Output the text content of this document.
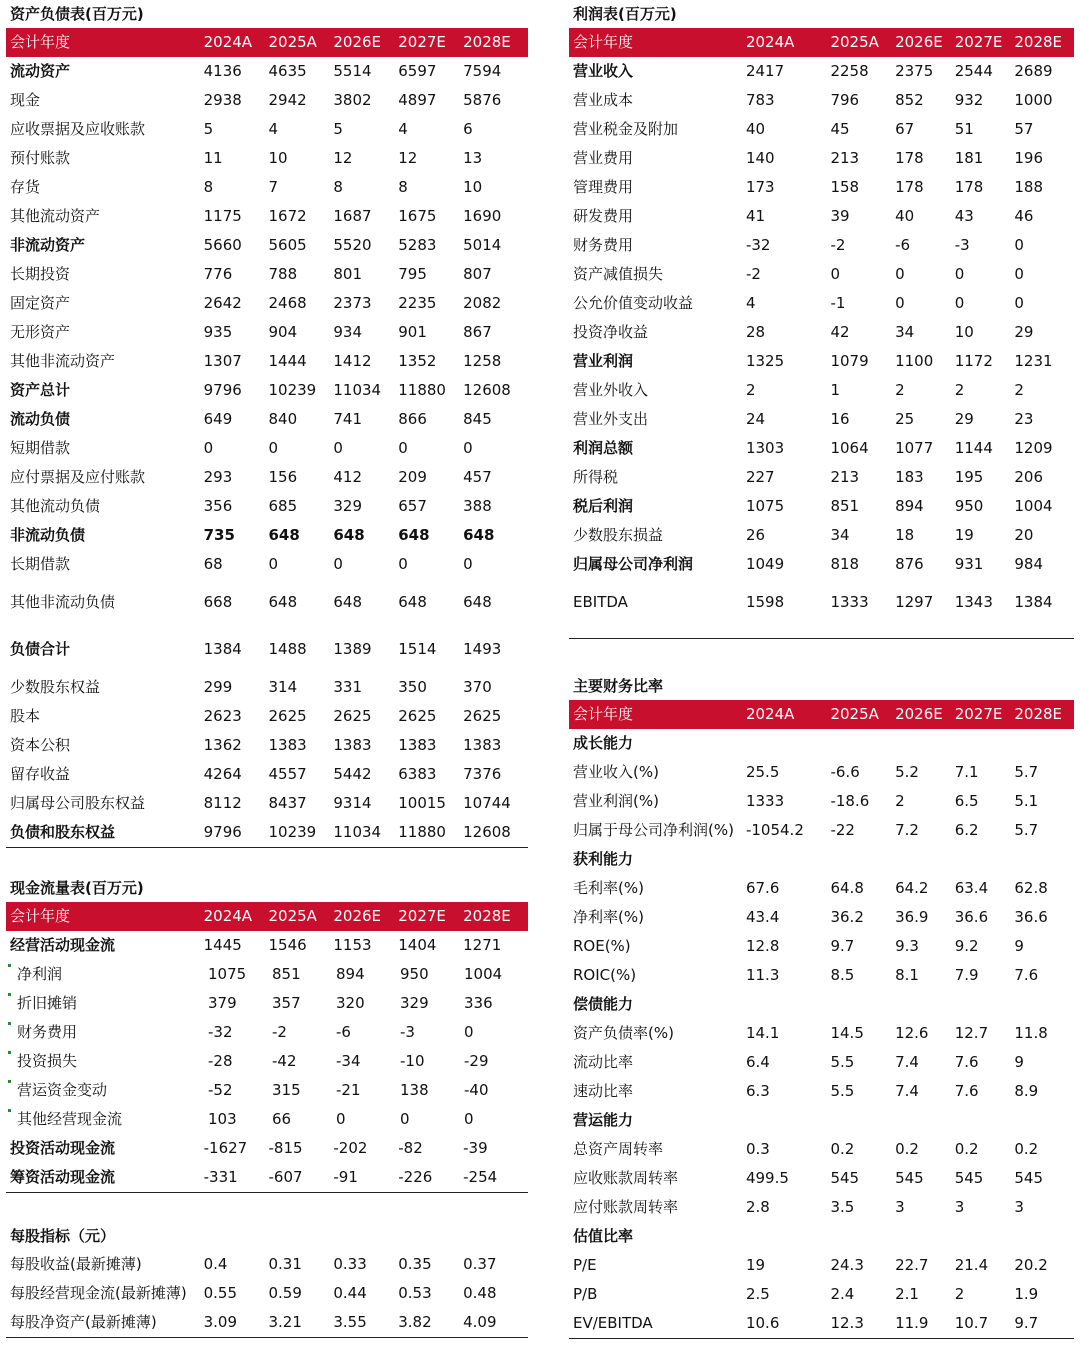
资产负债表(百万元)
会计年度	2024A	2025A	2026E	2027E	2028E
流动资产	4136	4635	5514	6597	7594
现金	2938	2942	3802	4897	5876
应收票据及应收账款	5	4	5	4	6
预付账款	11	10	12	12	13
存货	8	7	8	8	10
其他流动资产	1175	1672	1687	1675	1690
非流动资产	5660	5605	5520	5283	5014
长期投资	776	788	801	795	807
固定资产	2642	2468	2373	2235	2082
无形资产	935	904	934	901	867
其他非流动资产	1307	1444	1412	1352	1258
资产总计	9796	10239	11034	11880	12608
流动负债	649	840	741	866	845
短期借款	0	0	0	0	0
应付票据及应付账款	293	156	412	209	457
其他流动负债	356	685	329	657	388
非流动负债	735	648	648	648	648
长期借款	68	0	0	0	0
其他非流动负债	668	648	648	648	648
负债合计	1384	1488	1389	1514	1493
少数股东权益	299	314	331	350	370
股本	2623	2625	2625	2625	2625
资本公积	1362	1383	1383	1383	1383
留存收益	4264	4557	5442	6383	7376
归属母公司股东权益	8112	8437	9314	10015	10744
负债和股东权益	9796	10239	11034	11880	12608
利润表(百万元)
会计年度	2024A	2025A	2026E 2027E 2028E
营业收入	2417	2258	2375	2544	2689
营业成本	783	796	852	932	1000
营业税金及附加	40	45	67	51	57
营业费用	140	213	178	181	196
管理费用	173	158	178	178	188
研发费用	41	39	40	43	46
财务费用	-32	-2	-6	-3	0
资产减值损失	-2	0	0	0	0
公允价值变动收益	4	-1	0	0	0
投资净收益	28	42	34	10	29
营业利润	1325	1079	1100	1172	1231
营业外收入	2	1	2	2	2
营业外支出	24	16	25	29	23
利润总额	1303	1064	1077	1144	1209
所得税	227	213	183	195	206
税后利润	1075	851	894	950	1004
少数股东损益	26	34	18	19	20
归属母公司净利润	1049	818	876	931	984
EBITDA	1598	1333	1297	1343	1384
现金流量表(百万元)
会计年度	2024A	2025A	2026E	2027E	2028E
经营活动现金流	1445	1546	1153	1404	1271
净利润	1075	851	894	950	1004
折旧摊销	379	357	320	329	336
财务费用	-32	-2	-6	-3	0
投资损失	-28	-42	-34	-10	-29
营运资金变动	-52	315	-21	138	-40
其他经营现金流	103	66	0	0	0
投资活动现金流	-1627	-815	-202	-82	-39
筹资活动现金流	-331	-607	-91	-226	-254
每股指标（元）
每股收益(最新摊薄)	0.4	0.31	0.33	0.35	0.37
每股经营现金流(最新摊薄)	0.55	0.59	0.44	0.53	0.48
每股净资产(最新摊薄)	3.09	3.21	3.55	3.82	4.09
主要财务比率
会计年度	2024A	2025A	2026E 2027E 2028E
成长能力
营业收入(%)	25.5	-6.6	5.2	7.1	5.7
营业利润(%)	1333	-18.6	2	6.5	5.1
归属于母公司净利润(%) -1054.2	-22	7.2	6.2	5.7
获利能力
毛利率(%)	67.6	64.8	64.2	63.4	62.8
净利率(%)	43.4	36.2	36.9	36.6	36.6
ROE(%)	12.8	9.7	9.3	9.2	9
ROIC(%)	11.3	8.5	8.1	7.9	7.6
偿债能力
资产负债率(%)	14.1	14.5	12.6	12.7	11.8
流动比率	6.4	5.5	7.4	7.6	9
速动比率	6.3	5.5	7.4	7.6	8.9
营运能力
总资产周转率	0.3	0.2	0.2	0.2	0.2
应收账款周转率	499.5	545	545	545	545
应付账款周转率	2.8	3.5	3	3	3
估值比率
P/E	19	24.3	22.7	21.4	20.2
P/B	2.5	2.4	2.1	2	1.9
EV/EBITDA	10.6	12.3	11.9	10.7	9.7
